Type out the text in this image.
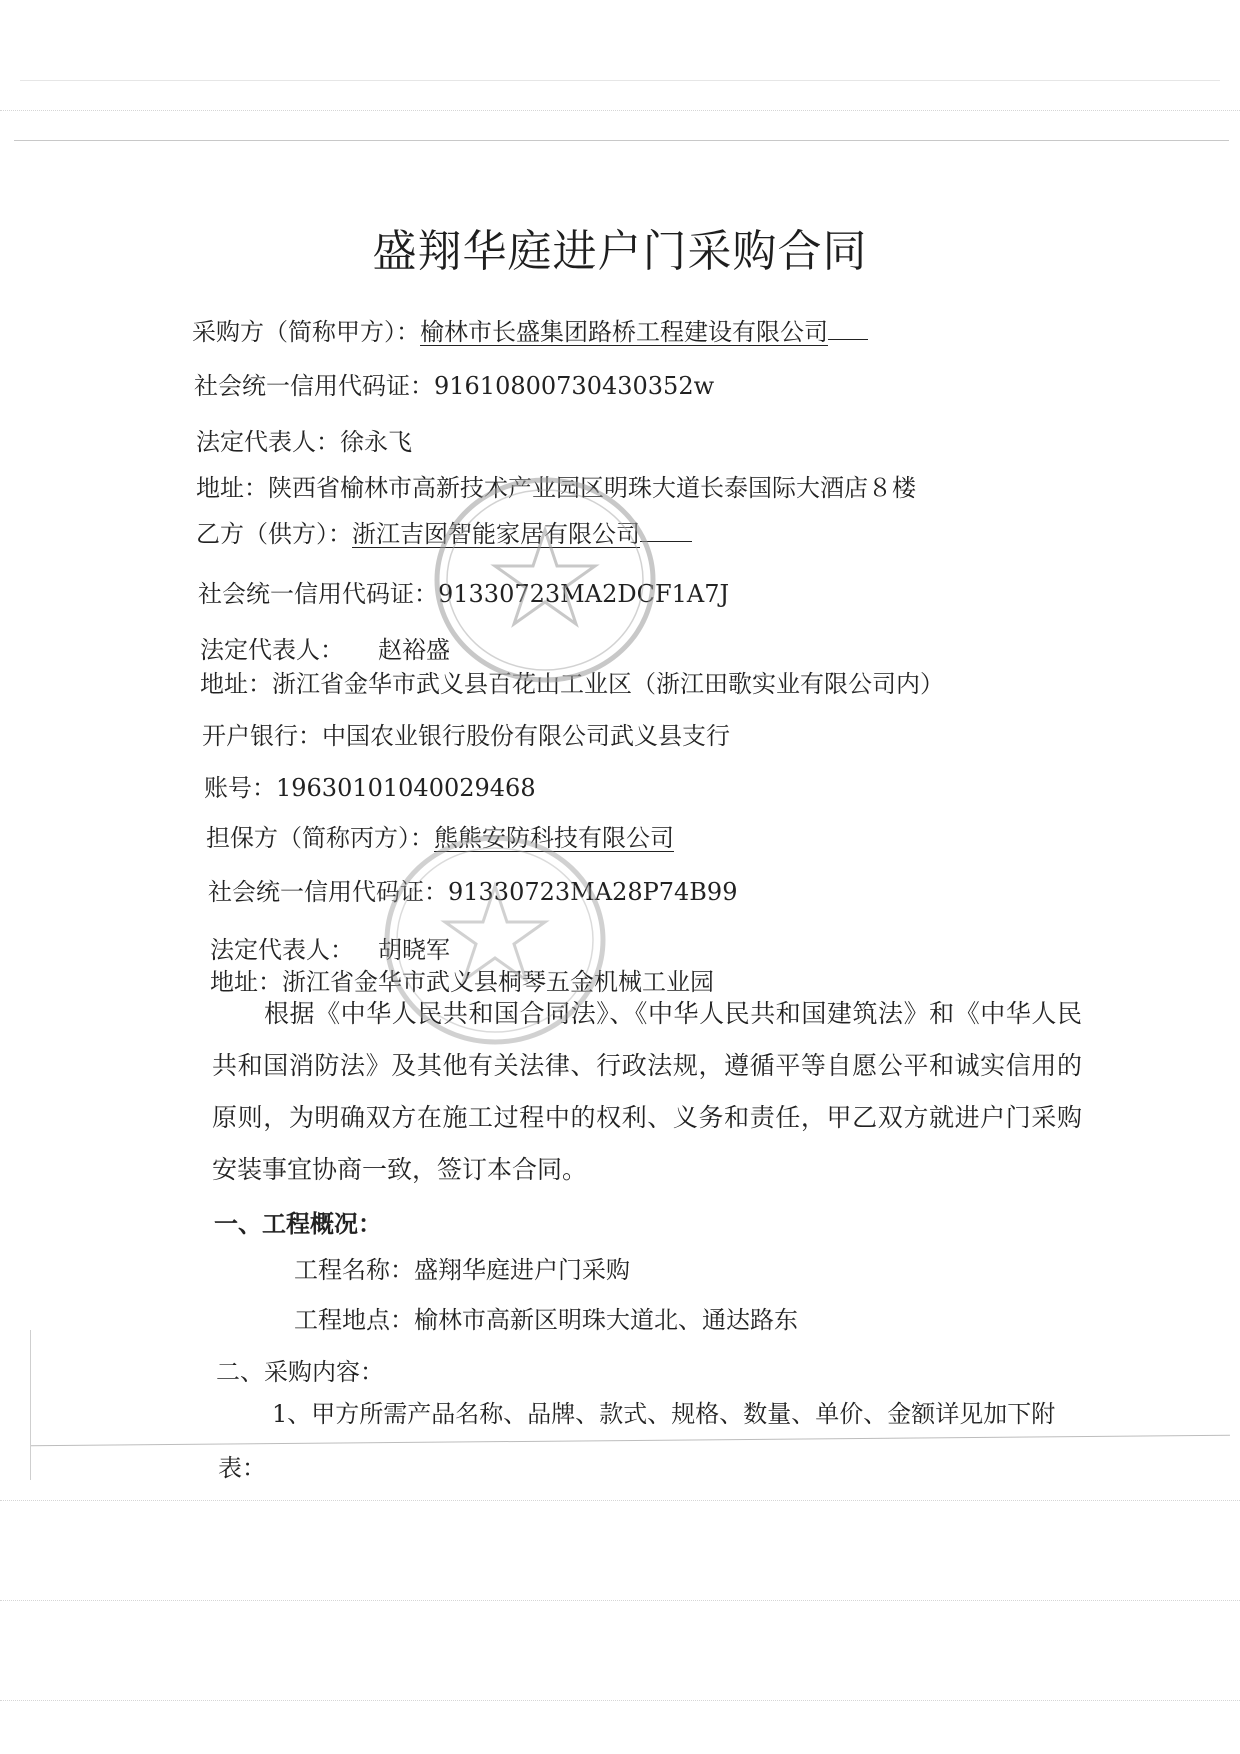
盛翔华庭进户门采购合同
采购方（简称甲方）：榆林市长盛集团路桥工程建设有限公司
社会统一信用代码证：91610800730430352w
法定代表人：徐永飞
地址：陕西省榆林市高新技术产业园区明珠大道长泰国际大酒店８楼
乙方（供方）：浙江吉囡智能家居有限公司
社会统一信用代码证：91330723MA2DCF1A7J
法定代表人： 赵裕盛
地址：浙江省金华市武义县百花山工业区（浙江田歌实业有限公司内）
开户银行：中国农业银行股份有限公司武义县支行
账号：19630101040029468
担保方（简称丙方）：熊熊安防科技有限公司
社会统一信用代码证：91330723MA28P74B99
法定代表人： 胡晓军
地址：浙江省金华市武义县桐琴五金机械工业园
根据《中华人民共和国合同法》、《中华人民共和国建筑法》和《中华人民共和国消防法》及其他有关法律、行政法规，遵循平等自愿公平和诚实信用的原则，为明确双方在施工过程中的权利、义务和责任，甲乙双方就进户门采购安装事宜协商一致，签订本合同。
一、工程概况：
工程名称：盛翔华庭进户门采购
工程地点：榆林市高新区明珠大道北、通达路东
二、采购内容：
1、甲方所需产品名称、品牌、款式、规格、数量、单价、金额详见加下附
表：
